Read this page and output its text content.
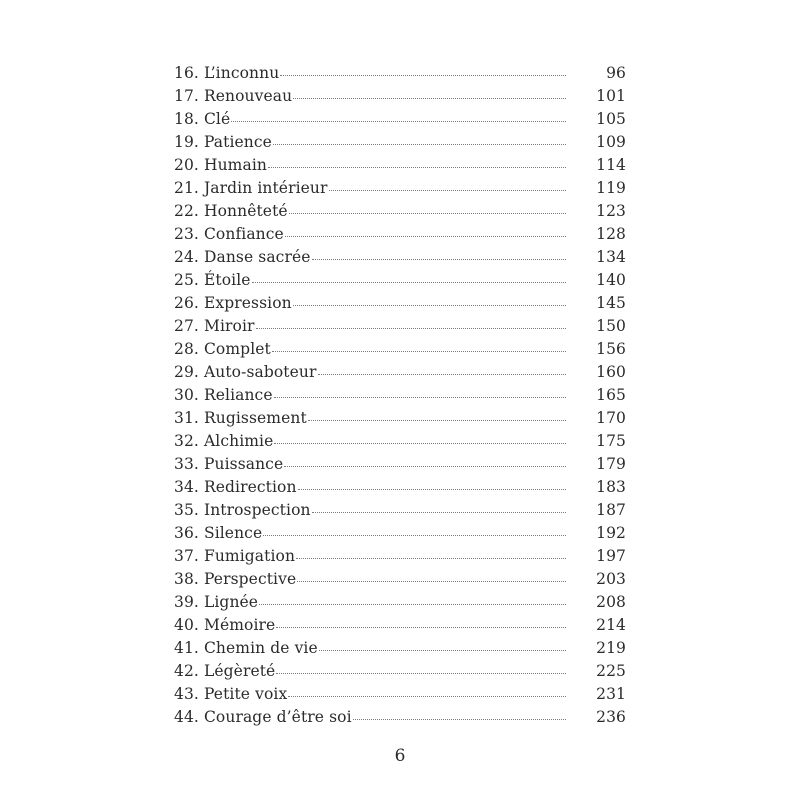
16. L’inconnu	96
17. Renouveau	101
18. Clé	105
19. Patience	109
20. Humain	114
21. Jardin intérieur	119
22. Honnêteté	123
23. Confiance	128
24. Danse sacrée	134
25. Étoile	140
26. Expression	145
27. Miroir	150
28. Complet	156
29. Auto-saboteur	160
30. Reliance	165
31. Rugissement	170
32. Alchimie	175
33. Puissance	179
34. Redirection	183
35. Introspection	187
36. Silence	192
37. Fumigation	197
38. Perspective	203
39. Lignée	208
40. Mémoire	214
41. Chemin de vie	219
42. Légèreté	225
43. Petite voix	231
44. Courage d’être soi	236
6
